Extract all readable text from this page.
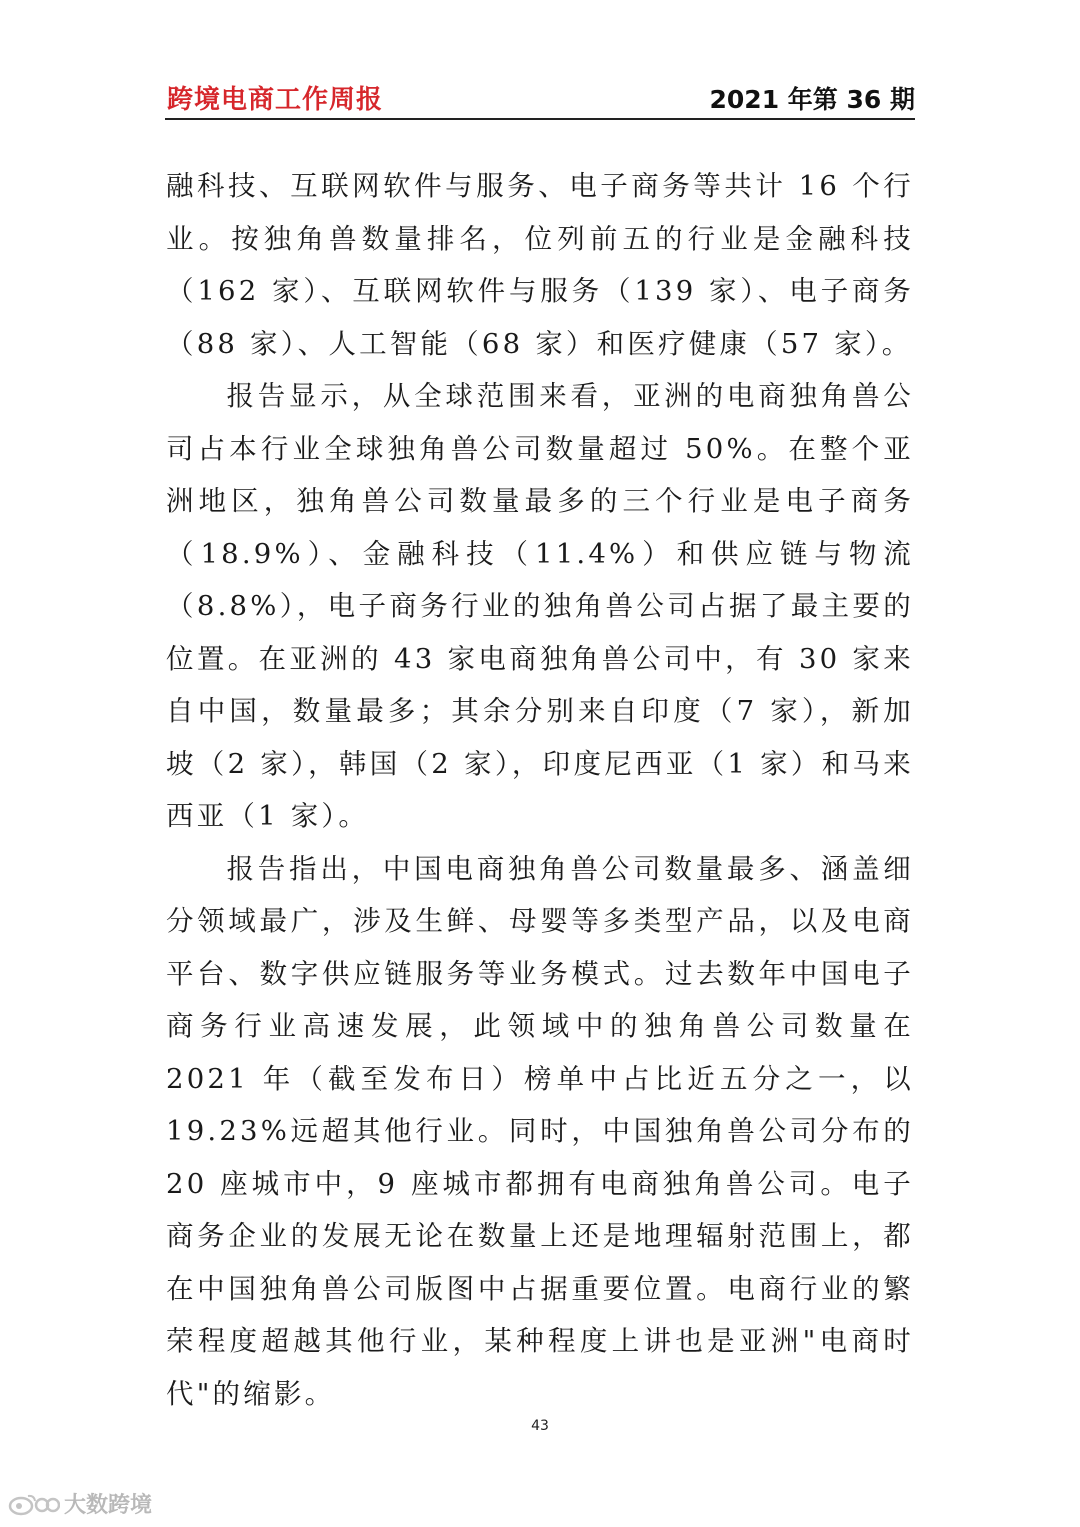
跨境电商工作周报	2021 年第 36 期

融科技、互联网软件与服务、电子商务等共计 16 个行业。按独角兽数量排名，位列前五的行业是金融科技（162 家）、互联网软件与服务（139 家）、电子商务（88 家）、人工智能（68 家）和医疗健康（57 家）。

报告显示，从全球范围来看，亚洲的电商独角兽公司占本行业全球独角兽公司数量超过 50%。在整个亚洲地区，独角兽公司数量最多的三个行业是电子商务（18.9%）、金融科技（11.4%）和供应链与物流（8.8%），电子商务行业的独角兽公司占据了最主要的位置。在亚洲的 43 家电商独角兽公司中，有 30 家来自中国，数量最多；其余分别来自印度（7 家），新加坡（2 家），韩国（2 家），印度尼西亚（1 家）和马来西亚（1 家）。

报告指出，中国电商独角兽公司数量最多、涵盖细分领域最广，涉及生鲜、母婴等多类型产品，以及电商平台、数字供应链服务等业务模式。过去数年中国电子商务行业高速发展，此领域中的独角兽公司数量在 2021 年（截至发布日）榜单中占比近五分之一，以 19.23%远超其他行业。同时，中国独角兽公司分布的 20 座城市中，9 座城市都拥有电商独角兽公司。电子商务企业的发展无论在数量上还是地理辐射范围上，都在中国独角兽公司版图中占据重要位置。电商行业的繁荣程度超越其他行业，某种程度上讲也是亚洲"电商时代"的缩影。

43
大数跨境
